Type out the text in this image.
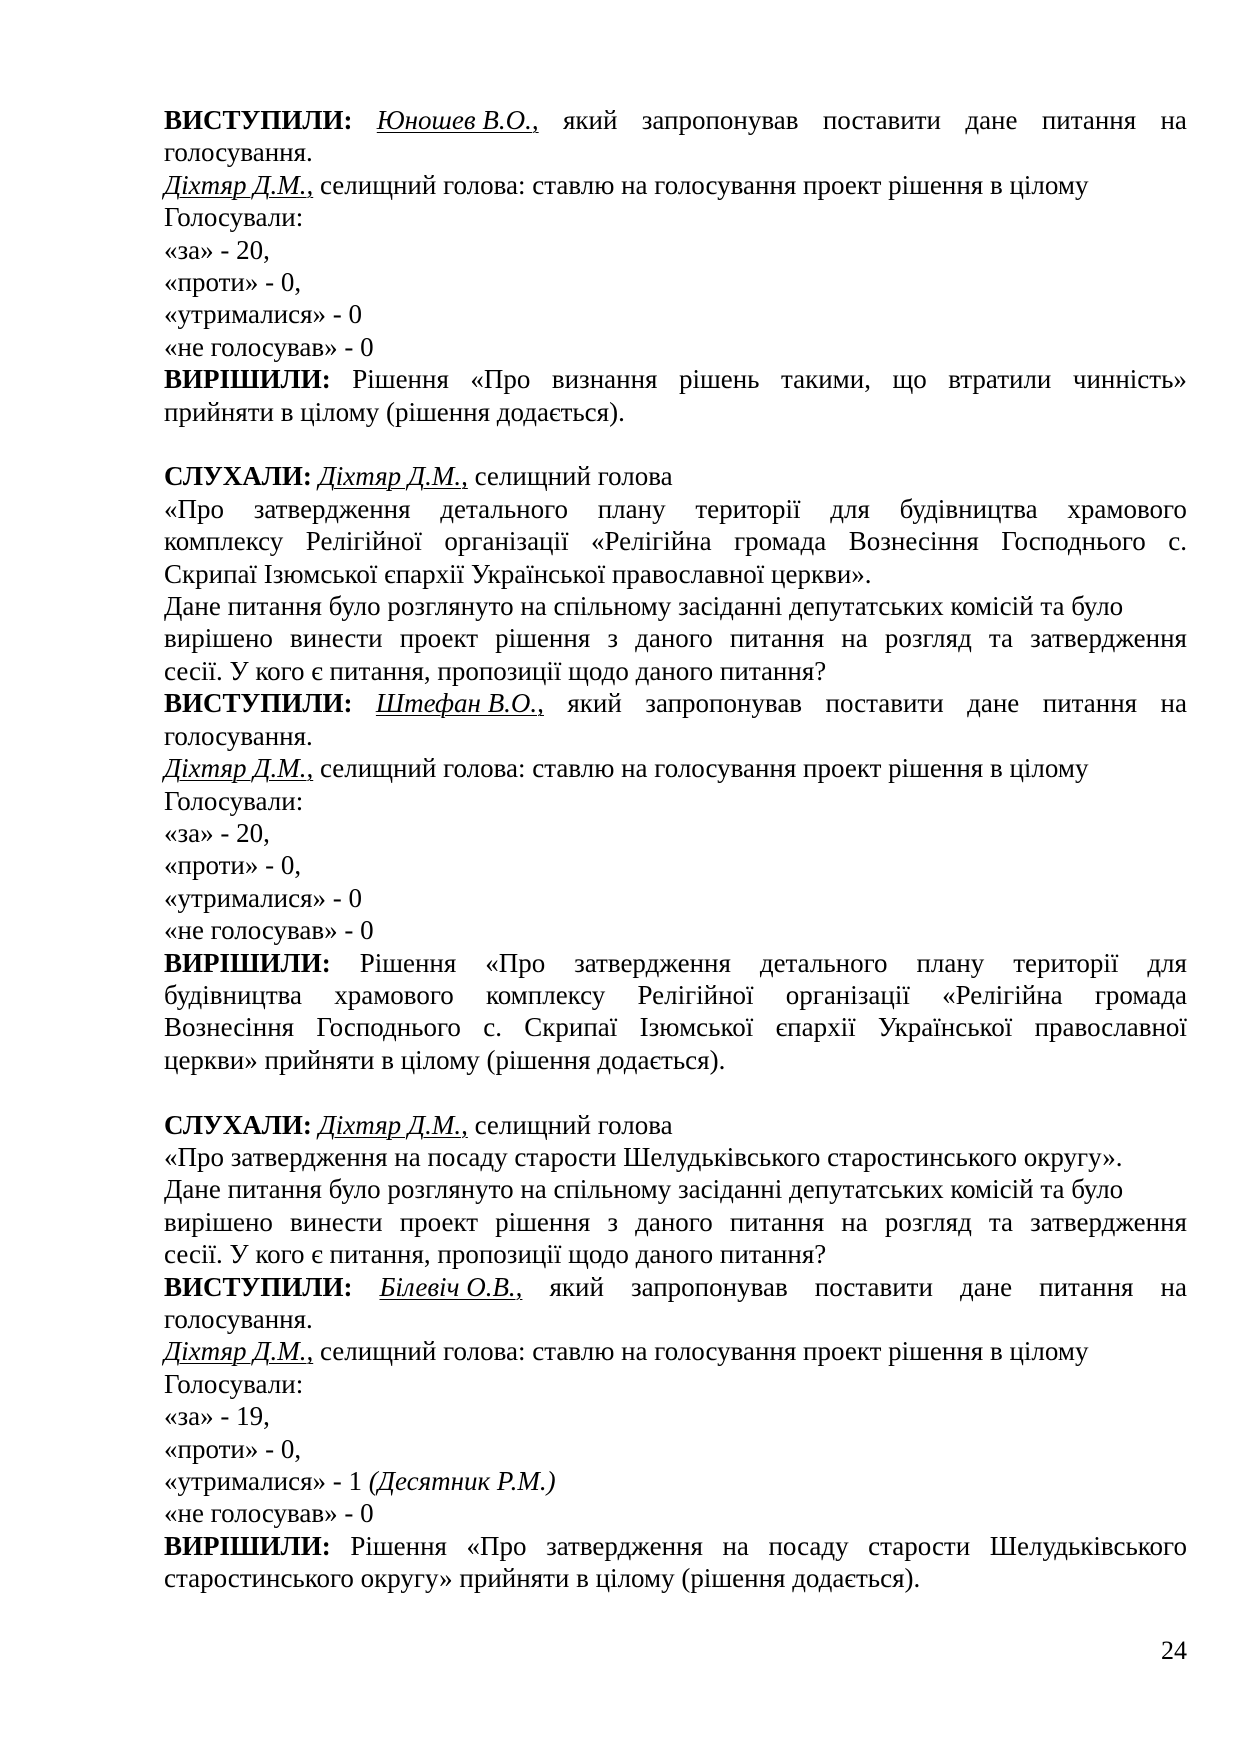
ВИСТУПИЛИ: Юношев В.О., який запропонував поставити дане питання на
голосування.
Діхтяр Д.М., селищний голова: ставлю на голосування проект рішення в цілому
Голосували:
«за» - 20,
«проти» - 0,
«утрималися» - 0
«не голосував» - 0
ВИРІШИЛИ: Рішення «Про визнання рішень такими, що втратили чинність»
прийняти в цілому (рішення додається).
СЛУХАЛИ: Діхтяр Д.М., селищний голова
«Про затвердження детального плану території для будівництва храмового
комплексу Релігійної організації «Релігійна громада Вознесіння Господнього с.
Скрипаї Ізюмської єпархії Української православної церкви».
Дане питання було розглянуто на спільному засіданні депутатських комісій та було
вирішено винести проект рішення з даного питання на розгляд та затвердження
сесії. У кого є питання, пропозиції щодо даного питання?
ВИСТУПИЛИ: Штефан В.О., який запропонував поставити дане питання на
голосування.
Діхтяр Д.М., селищний голова: ставлю на голосування проект рішення в цілому
Голосували:
«за» - 20,
«проти» - 0,
«утрималися» - 0
«не голосував» - 0
ВИРІШИЛИ: Рішення «Про затвердження детального плану території для
будівництва храмового комплексу Релігійної організації «Релігійна громада
Вознесіння Господнього с. Скрипаї Ізюмської єпархії Української православної
церкви» прийняти в цілому (рішення додається).
СЛУХАЛИ: Діхтяр Д.М., селищний голова
«Про затвердження на посаду старости Шелудьківського старостинського округу».
Дане питання було розглянуто на спільному засіданні депутатських комісій та було
вирішено винести проект рішення з даного питання на розгляд та затвердження
сесії. У кого є питання, пропозиції щодо даного питання?
ВИСТУПИЛИ: Білевіч О.В., який запропонував поставити дане питання на
голосування.
Діхтяр Д.М., селищний голова: ставлю на голосування проект рішення в цілому
Голосували:
«за» - 19,
«проти» - 0,
«утрималися» - 1 (Десятник Р.М.)
«не голосував» - 0
ВИРІШИЛИ: Рішення «Про затвердження на посаду старости Шелудьківського
старостинського округу» прийняти в цілому (рішення додається).
24
